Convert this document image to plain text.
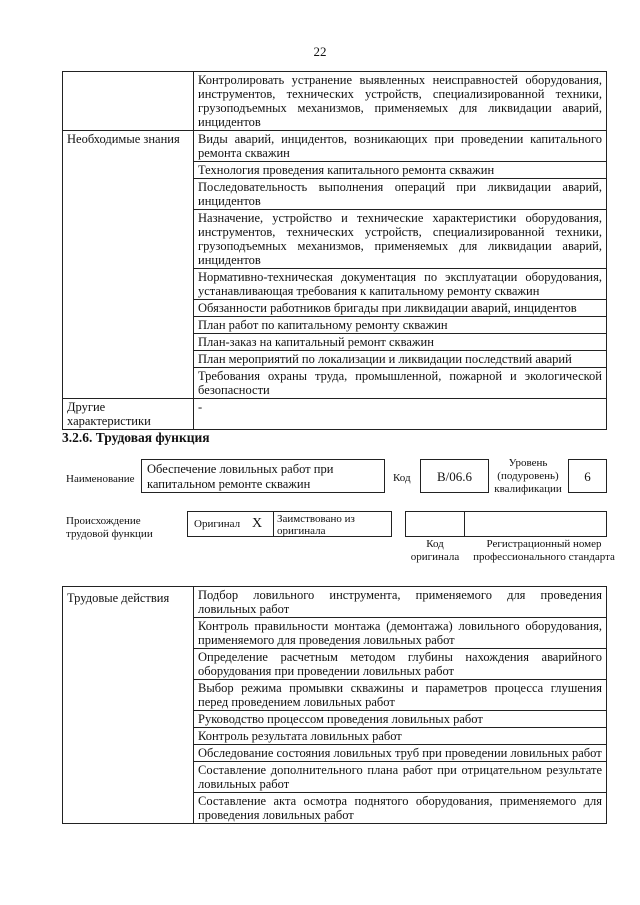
22
	Контролировать устранение выявленных неисправностей оборудования, инструментов, технических устройств, специализированной техники, грузоподъемных механизмов, применяемых для ликвидации аварий, инцидентов
Необходимые знания	Виды аварий, инцидентов, возникающих при проведении капитального ремонта скважин
	Технология проведения капитального ремонта скважин
	Последовательность выполнения операций при ликвидации аварий, инцидентов
	Назначение, устройство и технические характеристики оборудования, инструментов, технических устройств, специализированной техники, грузоподъемных механизмов, применяемых для ликвидации аварий, инцидентов
	Нормативно-техническая документация по эксплуатации оборудования, устанавливающая требования к капитальному ремонту скважин
	Обязанности работников бригады при ликвидации аварий, инцидентов
	План работ по капитальному ремонту скважин
	План-заказ на капитальный ремонт скважин
	План мероприятий по локализации и ликвидации последствий аварий
	Требования охраны труда, промышленной, пожарной и экологической безопасности
Другие характеристики	-
3.2.6. Трудовая функция
Наименование
Обеспечение ловильных работ при капитальном ремонте скважин	Код	В/06.6
Уровень (подуровень) квалификации
6
Происхождение трудовой функции
Оригинал X Заимствовано из оригинала
Код оригинала
Регистрационный номер профессионального стандарта
Трудовые действия	Подбор ловильного инструмента, применяемого для проведения ловильных работ
Контроль правильности монтажа (демонтажа) ловильного оборудования, применяемого для проведения ловильных работ
Определение расчетным методом глубины нахождения аварийного оборудования при проведении ловильных работ
Выбор режима промывки скважины и параметров процесса глушения перед проведением ловильных работ
Руководство процессом проведения ловильных работ
Контроль результата ловильных работ
Обследование состояния ловильных труб при проведении ловильных работ
Составление дополнительного плана работ при отрицательном результате ловильных работ
Составление акта осмотра поднятого оборудования, применяемого для проведения ловильных работ
